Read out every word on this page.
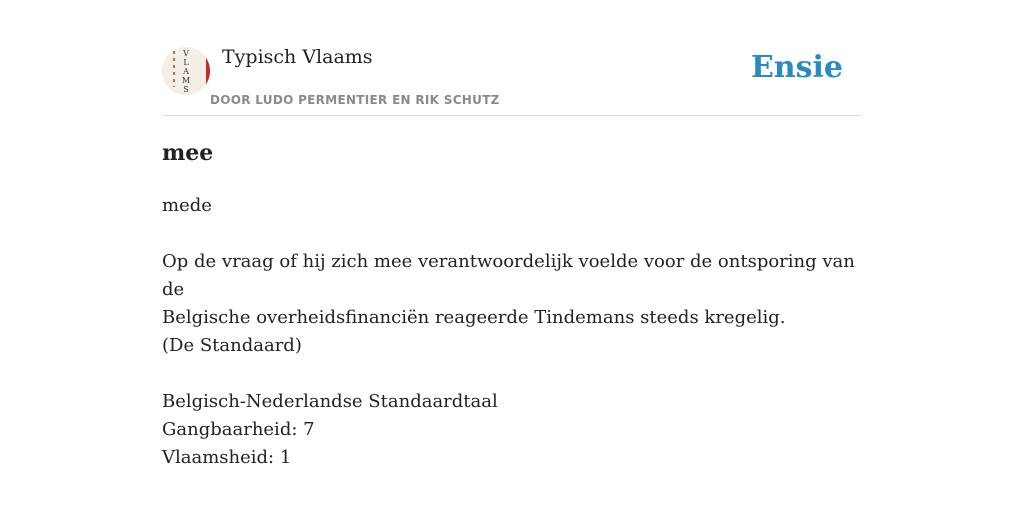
V
L
A
M
S
Typisch Vlaams
DOOR LUDO PERMENTIER EN RIK SCHUTZ
Ensie
mee

mede

Op de vraag of hij zich mee verantwoordelijk voelde voor de ontsporing van de

Belgische overheidsfinanciën reageerde Tindemans steeds kregelig.

(De Standaard)

Belgisch-Nederlandse Standaardtaal

Gangbaarheid: 7

Vlaamsheid: 1
